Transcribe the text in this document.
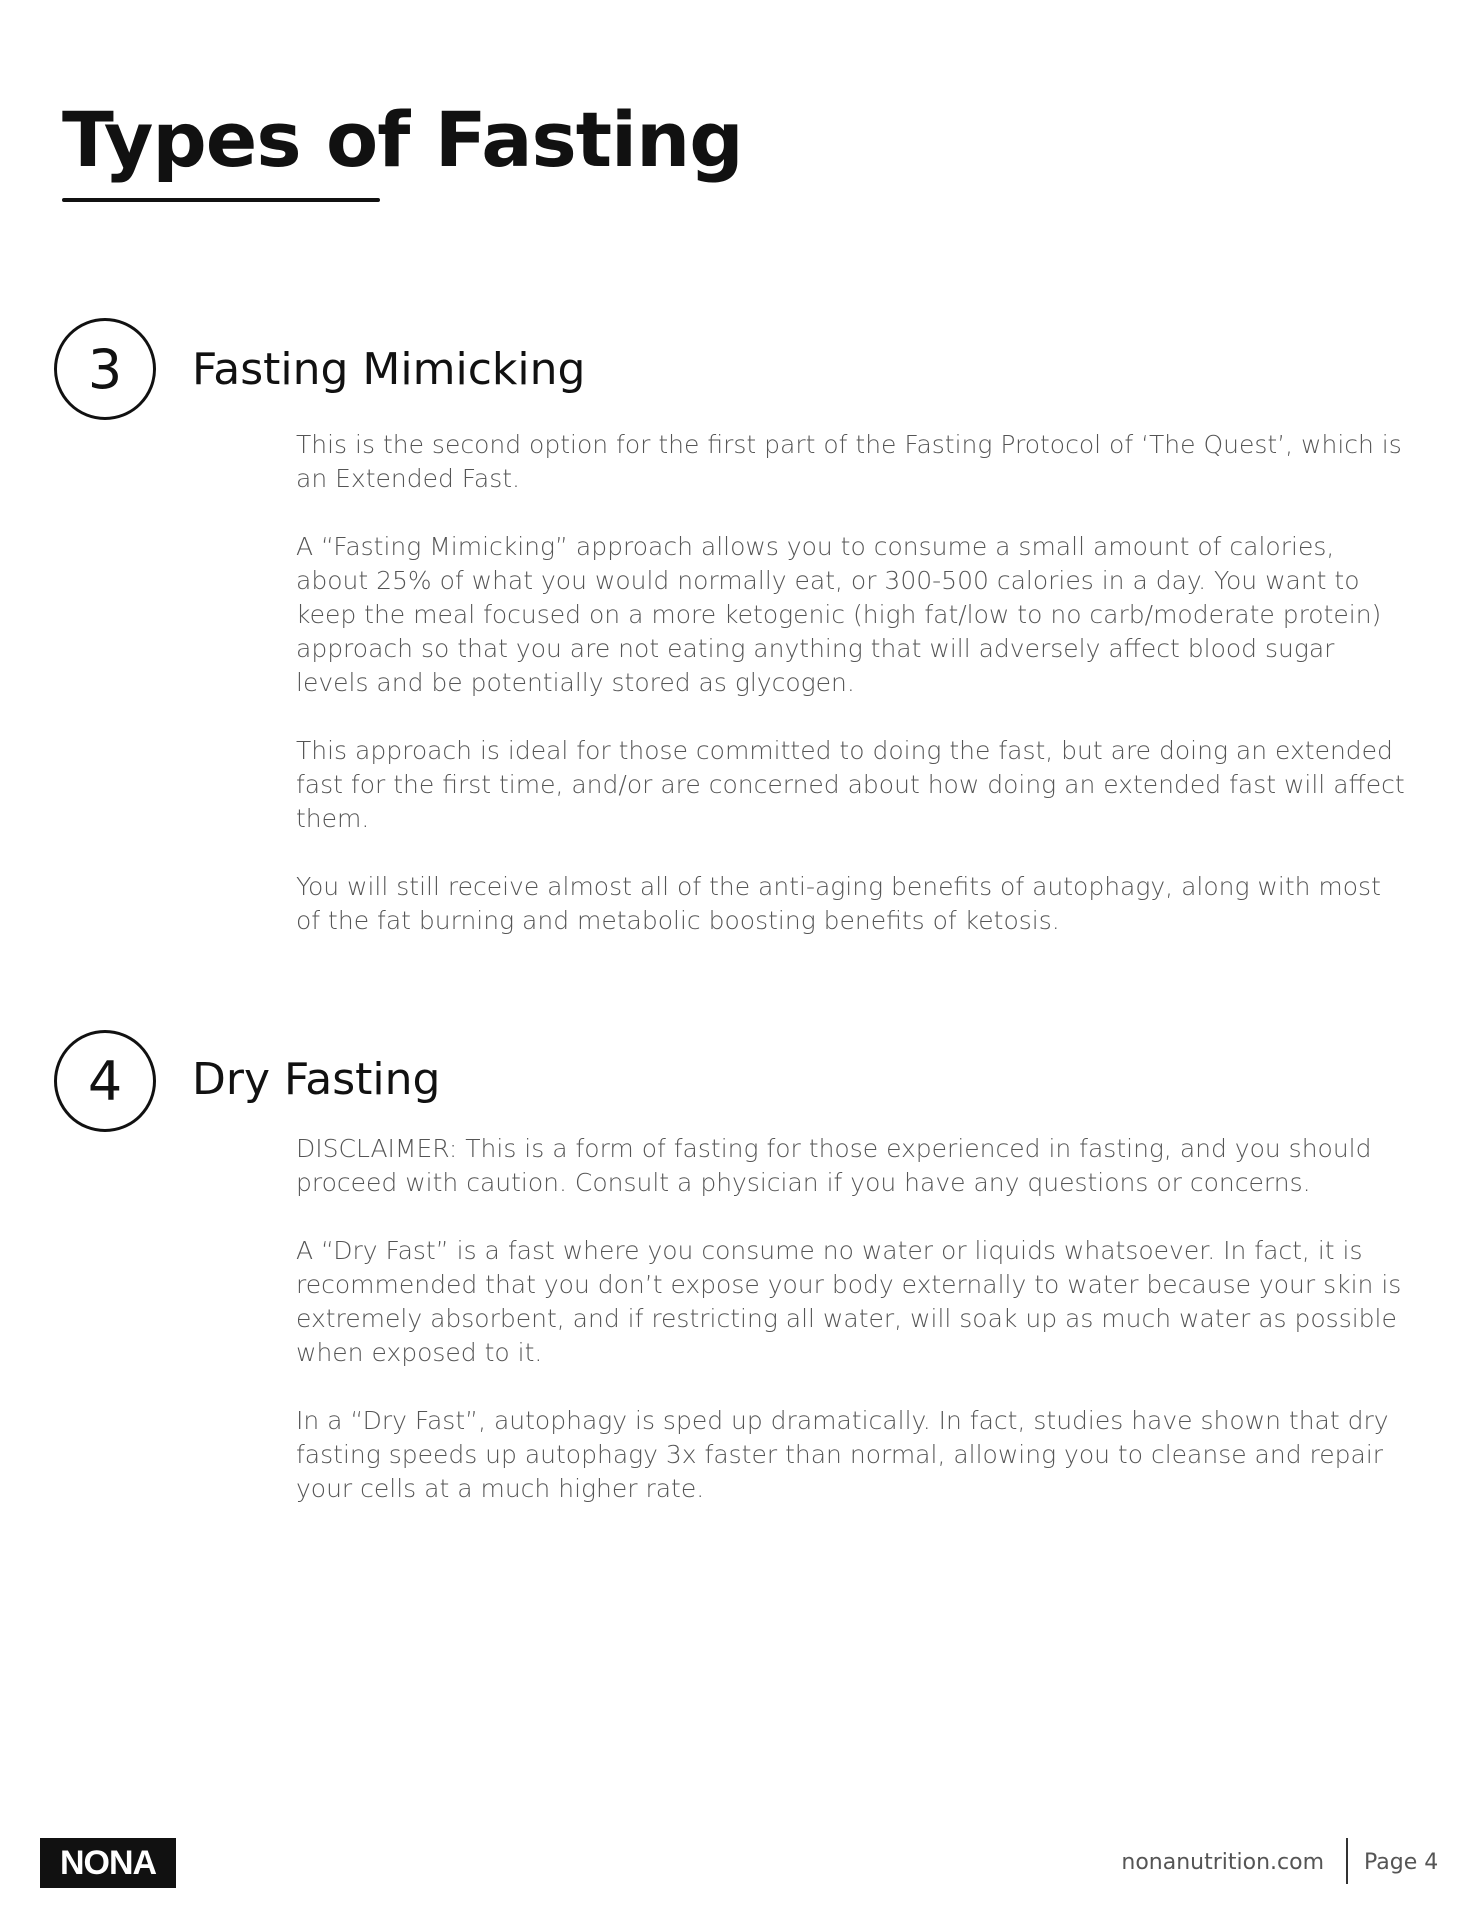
Types of Fasting
3 Fasting Mimicking

This is the second option for the first part of the Fasting Protocol of ‘The Quest’, which is an Extended Fast.

A “Fasting Mimicking” approach allows you to consume a small amount of calories, about 25% of what you would normally eat, or 300-500 calories in a day. You want to keep the meal focused on a more ketogenic (high fat/low to no carb/moderate protein) approach so that you are not eating anything that will adversely affect blood sugar levels and be potentially stored as glycogen.

This approach is ideal for those committed to doing the fast, but are doing an extended fast for the first time, and/or are concerned about how doing an extended fast will affect them.

You will still receive almost all of the anti-aging benefits of autophagy, along with most of the fat burning and metabolic boosting benefits of ketosis.

4 Dry Fasting

DISCLAIMER: This is a form of fasting for those experienced in fasting, and you should proceed with caution. Consult a physician if you have any questions or concerns.

A “Dry Fast” is a fast where you consume no water or liquids whatsoever. In fact, it is recommended that you don’t expose your body externally to water because your skin is extremely absorbent, and if restricting all water, will soak up as much water as possible when exposed to it.

In a “Dry Fast”, autophagy is sped up dramatically. In fact, studies have shown that dry fasting speeds up autophagy 3x faster than normal, allowing you to cleanse and repair your cells at a much higher rate.

NONA	nonanutrition.com Page 4
